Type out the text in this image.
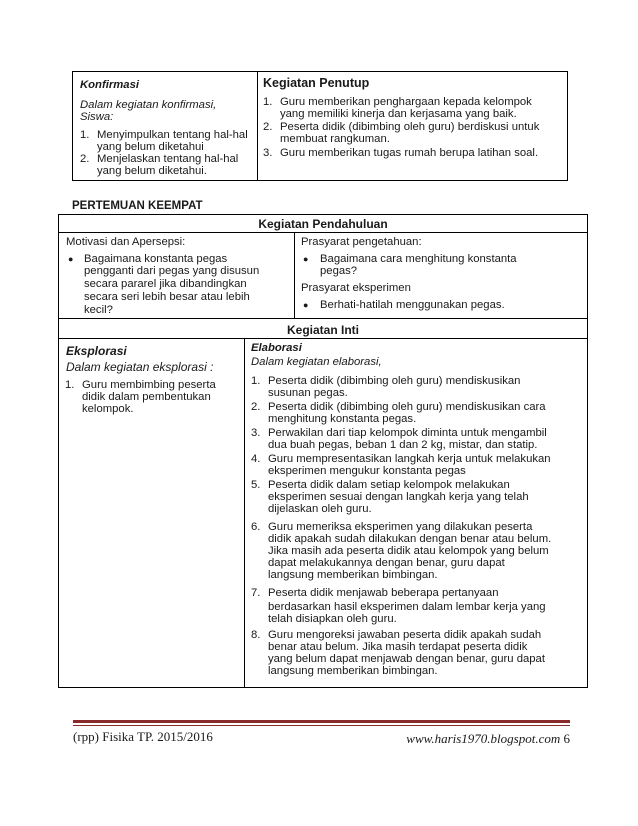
Konfirmasi
Dalam kegiatan konfirmasi,
Siswa:
1. Menyimpulkan tentang hal-hal
yang belum diketahui
2. Menjelaskan tentang hal-hal
yang belum diketahui.
Kegiatan Penutup
1. Guru memberikan penghargaan kepada kelompok
yang memiliki kinerja dan kerjasama yang baik.
2. Peserta didik (dibimbing oleh guru) berdiskusi untuk
membuat rangkuman.
3. Guru memberikan tugas rumah berupa latihan soal.
PERTEMUAN KEEMPAT
Kegiatan Pendahuluan
Motivasi dan Apersepsi:
● Bagaimana konstanta pegas
pengganti dari pegas yang disusun
secara pararel jika dibandingkan
secara seri lebih besar atau lebih
kecil?
Prasyarat pengetahuan:
● Bagaimana cara menghitung konstanta
pegas?
Prasyarat eksperimen
● Berhati-hatilah menggunakan pegas.
Kegiatan Inti
Eksplorasi
Dalam kegiatan eksplorasi :
1. Guru membimbing peserta
didik dalam pembentukan
kelompok.
Elaborasi
Dalam kegiatan elaborasi,
1. Peserta didik (dibimbing oleh guru) mendiskusikan
susunan pegas.
2. Peserta didik (dibimbing oleh guru) mendiskusikan cara
menghitung konstanta pegas.
3. Perwakilan dari tiap kelompok diminta untuk mengambil
dua buah pegas, beban 1 dan 2 kg, mistar, dan statip.
4. Guru mempresentasikan langkah kerja untuk melakukan
eksperimen mengukur konstanta pegas
5. Peserta didik dalam setiap kelompok melakukan
eksperimen sesuai dengan langkah kerja yang telah
dijelaskan oleh guru.
6. Guru memeriksa eksperimen yang dilakukan peserta
didik apakah sudah dilakukan dengan benar atau belum.
Jika masih ada peserta didik atau kelompok yang belum
dapat melakukannya dengan benar, guru dapat
langsung memberikan bimbingan.
7. Peserta didik menjawab beberapa pertanyaan
berdasarkan hasil eksperimen dalam lembar kerja yang
telah disiapkan oleh guru.
8. Guru mengoreksi jawaban peserta didik apakah sudah
benar atau belum. Jika masih terdapat peserta didik
yang belum dapat menjawab dengan benar, guru dapat
langsung memberikan bimbingan.
(rpp) Fisika TP. 2015/2016	www.haris1970.blogspot.com 6
